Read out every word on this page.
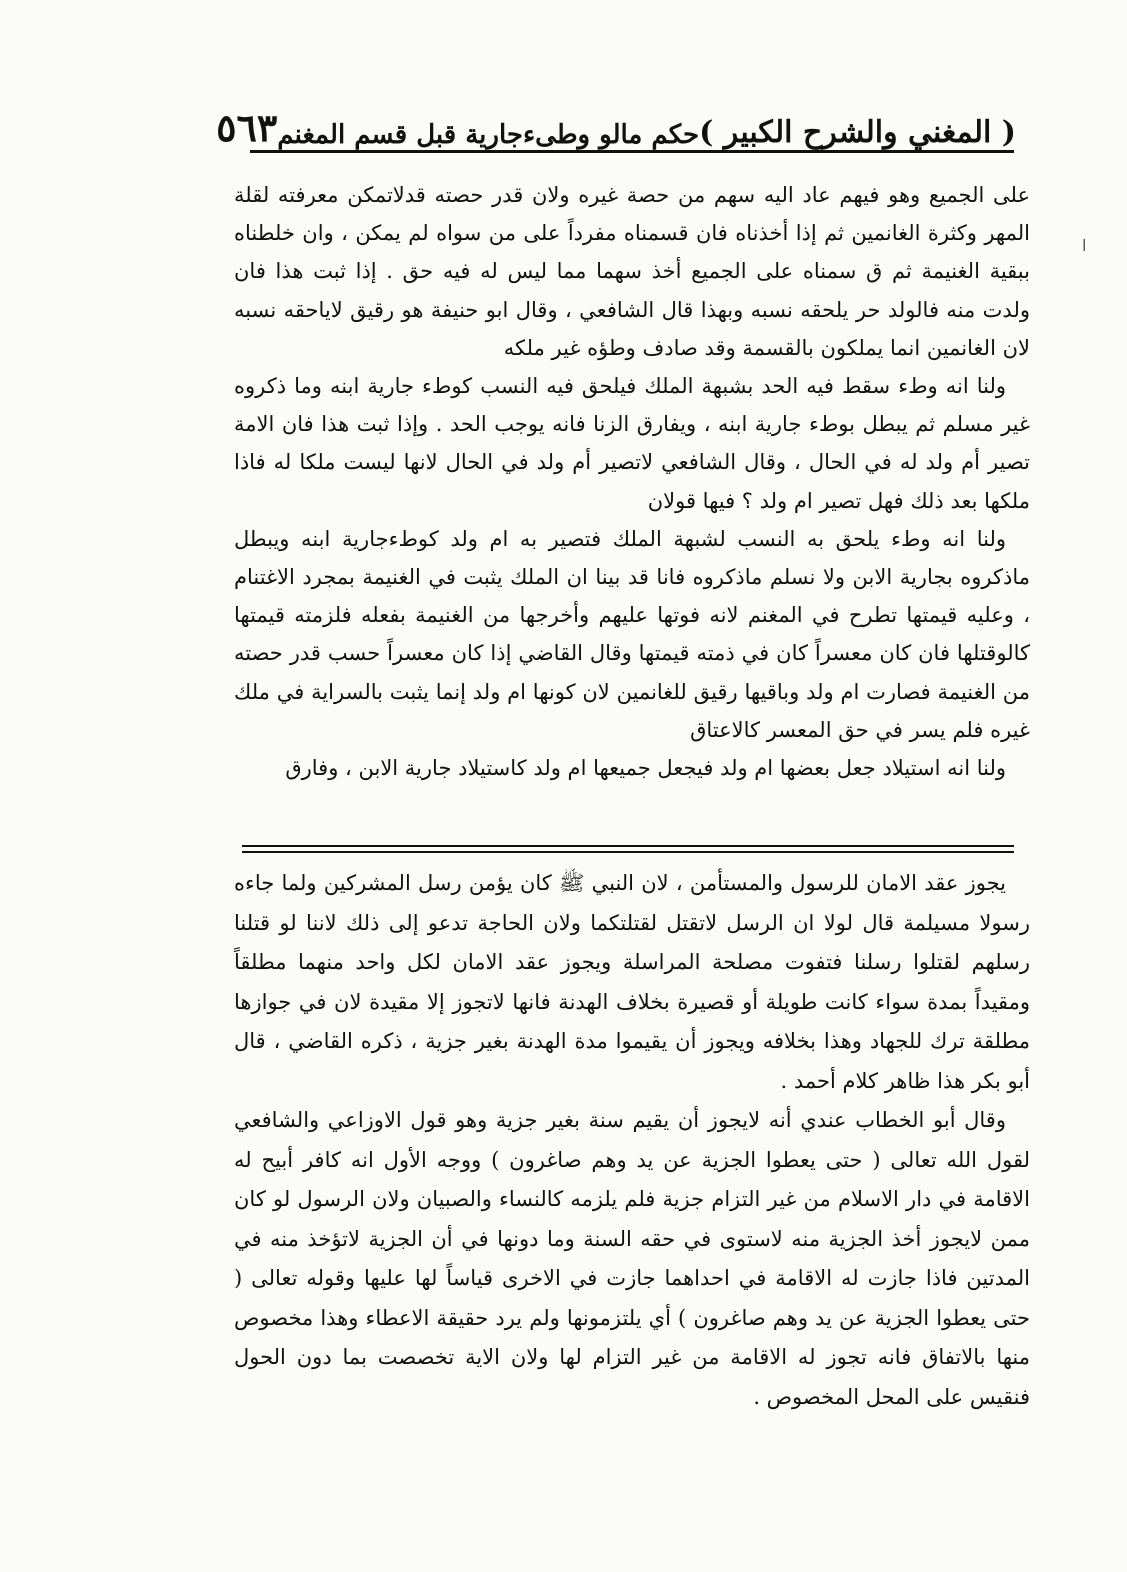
( المغني والشرح الكبير )
حكم مالو وطىءجارية قبل قسم المغنم
٥٦٣
ا

على الجميع وهو فيهم عاد اليه سهم من حصة غيره ولان قدر حصته قدلاتمكن معرفته لقلة المهر وكثرة الغانمين ثم إذا أخذناه فان قسمناه مفرداً على من سواه لم يمكن ، وان خلطناه ببقية الغنيمة ثم ق سمناه على الجميع أخذ سهما مما ليس له فيه حق . إذا ثبت هذا فان ولدت منه فالولد حر يلحقه نسبه وبهذا قال الشافعي ، وقال ابو حنيفة هو رقيق لاياحقه نسبه لان الغانمين انما يملكون بالقسمة وقد صادف وطؤه غير ملكه

ولنا انه وطء سقط فيه الحد بشبهة الملك فيلحق فيه النسب كوطء جارية ابنه وما ذكروه غير مسلم ثم يبطل بوطء جارية ابنه ، ويفارق الزنا فانه يوجب الحد . وإذا ثبت هذا فان الامة تصير أم ولد له في الحال ، وقال الشافعي لاتصير أم ولد في الحال لانها ليست ملكا له فاذا ملكها بعد ذلك فهل تصير ام ولد ؟ فيها قولان

ولنا انه وطء يلحق به النسب لشبهة الملك فتصير به ام ولد كوطءجارية ابنه ويبطل ماذكروه بجارية الابن ولا نسلم ماذكروه فانا قد بينا ان الملك يثبت في الغنيمة بمجرد الاغتنام ، وعليه قيمتها تطرح في المغنم لانه فوتها عليهم وأخرجها من الغنيمة بفعله فلزمته قيمتها كالوقتلها فان كان معسراً كان في ذمته قيمتها وقال القاضي إذا كان معسراً حسب قدر حصته من الغنيمة فصارت ام ولد وباقيها رقيق للغانمين لان كونها ام ولد إنما يثبت بالسراية في ملك غيره فلم يسر في حق المعسر كالاعتاق

ولنا انه استيلاد جعل بعضها ام ولد فيجعل جميعها ام ولد كاستيلاد جارية الابن ، وفارق

يجوز عقد الامان للرسول والمستأمن ، لان النبي ﷺ كان يؤمن رسل المشركين ولما جاءه رسولا مسيلمة قال لولا ان الرسل لاتقتل لقتلتكما ولان الحاجة تدعو إلى ذلك لاننا لو قتلنا رسلهم لقتلوا رسلنا فتفوت مصلحة المراسلة ويجوز عقد الامان لكل واحد منهما مطلقاً ومقيداً بمدة سواء كانت طويلة أو قصيرة بخلاف الهدنة فانها لاتجوز إلا مقيدة لان في جوازها مطلقة ترك للجهاد وهذا بخلافه ويجوز أن يقيموا مدة الهدنة بغير جزية ، ذكره القاضي ، قال أبو بكر هذا ظاهر كلام أحمد .

وقال أبو الخطاب عندي أنه لايجوز أن يقيم سنة بغير جزية وهو قول الاوزاعي والشافعي لقول الله تعالى ( حتى يعطوا الجزية عن يد وهم صاغرون ) ووجه الأول انه كافر أبيح له الاقامة في دار الاسلام من غير التزام جزية فلم يلزمه كالنساء والصبيان ولان الرسول لو كان ممن لايجوز أخذ الجزية منه لاستوى في حقه السنة وما دونها في أن الجزية لاتؤخذ منه في المدتين فاذا جازت له الاقامة في احداهما جازت في الاخرى قياساً لها عليها وقوله تعالى ( حتى يعطوا الجزية عن يد وهم صاغرون ) أي يلتزمونها ولم يرد حقيقة الاعطاء وهذا مخصوص منها بالاتفاق فانه تجوز له الاقامة من غير التزام لها ولان الاية تخصصت بما دون الحول فنقيس على المحل المخصوص .
